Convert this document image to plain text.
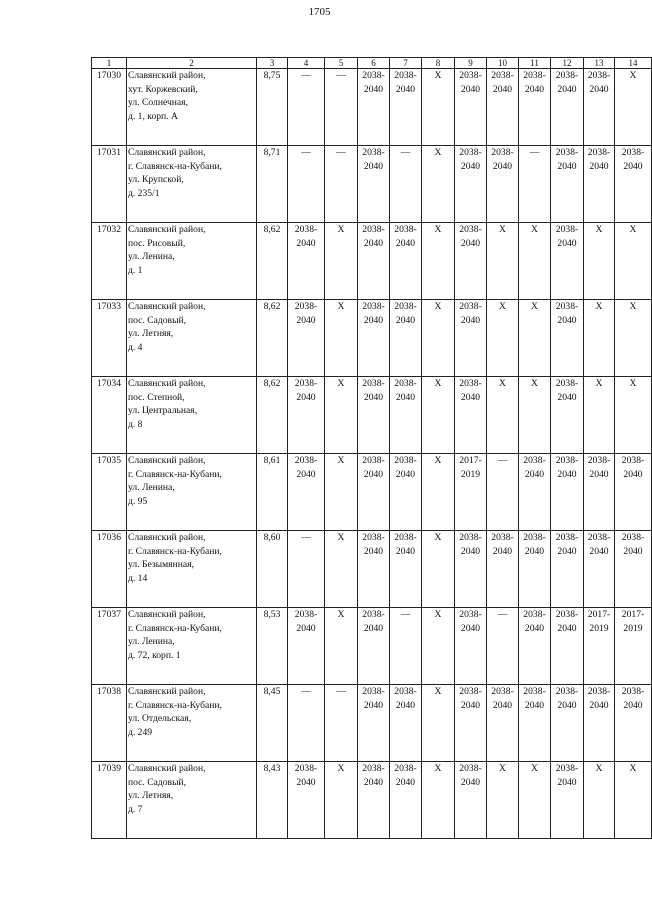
1705
1	2	3	4	5	6	7	8	9	10	11	12	13	14
17030	Славянский район,
хут. Коржевский,
ул. Солнечная,
д. 1, корп. А	8,75	—	—	2038-
2040	2038-
2040	Х	2038-
2040	2038-
2040	2038-
2040	2038-
2040	2038-
2040	Х
17031	Славянский район,
г. Славянск-на-Кубани,
ул. Крупской,
д. 235/1	8,71	—	—	2038-
2040	—	Х	2038-
2040	2038-
2040	—	2038-
2040	2038-
2040	2038-
2040

17032	Славянский район,
пос. Рисовый,
ул. Ленина,
д. 1	8,62	2038-
2040	Х	2038-
2040	2038-
2040	Х	2038-
2040	Х	Х	2038-
2040	Х	Х
17033	Славянский район,
пос. Садовый,
ул. Летняя,
д. 4	8,62	2038-
2040	Х	2038-
2040	2038-
2040	Х	2038-
2040	Х	Х	2038-
2040	Х	Х
17034	Славянский район,
пос. Степной,
ул. Центральная,
д. 8	8,62	2038-
2040	Х	2038-
2040	2038-
2040	Х	2038-
2040	Х	Х	2038-
2040	Х	Х
17035	Славянский район,
г. Славянск-на-Кубани,
ул. Ленина,
д. 95	8,61	2038-
2040	Х	2038-
2040	2038-
2040	Х	2017-
2019	—	2038-
2040	2038-
2040	2038-
2040	2038-
2040

17036	Славянский район,
г. Славянск-на-Кубани,
ул. Безымянная,
д. 14	8,60	—	Х	2038-
2040	2038-
2040	Х	2038-
2040	2038-
2040	2038-
2040	2038-
2040	2038-
2040	2038-
2040

17037	Славянский район,
г. Славянск-на-Кубани,
ул. Ленина,
д. 72, корп. 1	8,53	2038-
2040	Х	2038-
2040	—	Х	2038-
2040	—	2038-
2040	2038-
2040	2017-
2019	2017-
2019

17038	Славянский район,
г. Славянск-на-Кубани,
ул. Отдельская,
д. 249	8,45	—	—	2038-
2040	2038-
2040	Х	2038-
2040	2038-
2040	2038-
2040	2038-
2040	2038-
2040	2038-
2040

17039	Славянский район,
пос. Садовый,
ул. Летняя,
д. 7	8,43	2038-
2040	Х	2038-
2040	2038-
2040	Х	2038-
2040	Х	Х	2038-
2040	Х	Х
